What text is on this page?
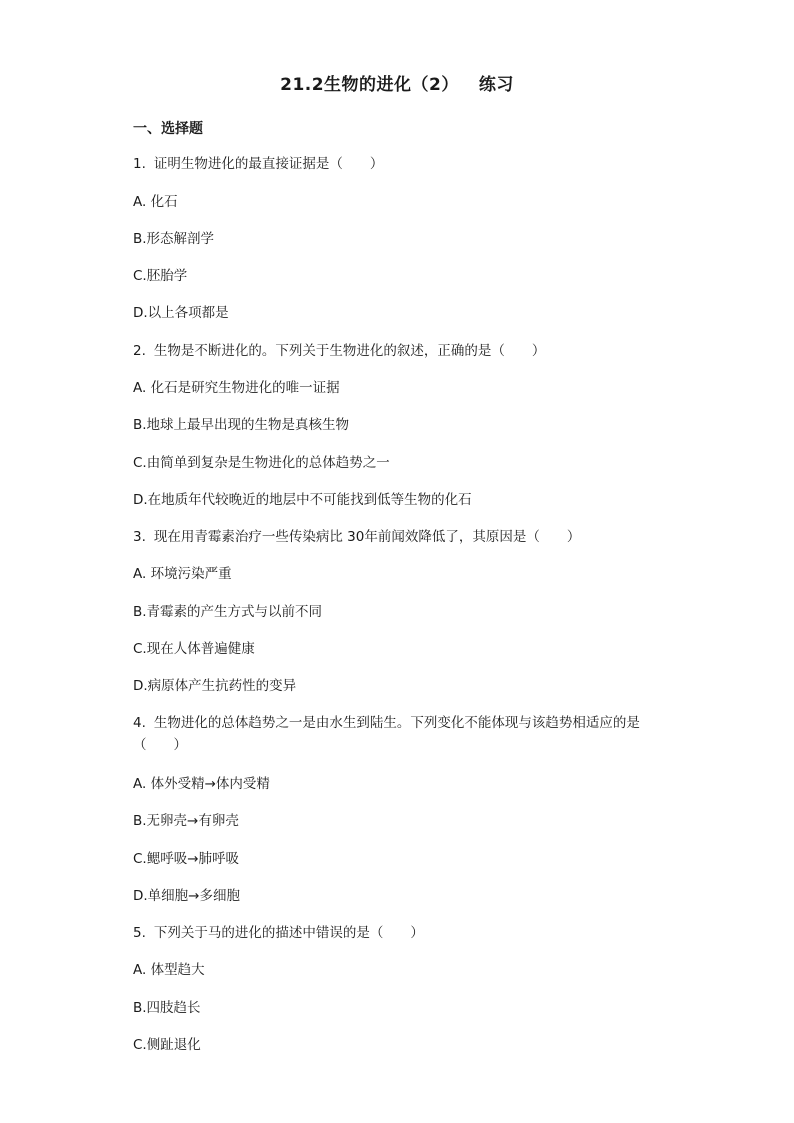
21.2生物的进化（2） 练习
一、选择题
1. 证明生物进化的最直接证据是（　　）
A. 化石
B.形态解剖学
C.胚胎学
D.以上各项都是
2. 生物是不断进化的。下列关于生物进化的叙述，正确的是（　　）
A. 化石是研究生物进化的唯一证据
B.地球上最早出现的生物是真核生物
C.由简单到复杂是生物进化的总体趋势之一
D.在地质年代较晚近的地层中不可能找到低等生物的化石
3. 现在用青霉素治疗一些传染病比 30年前闻效降低了，其原因是（　　）
A. 环境污染严重
B.青霉素的产生方式与以前不同
C.现在人体普遍健康
D.病原体产生抗药性的变异
4. 生物进化的总体趋势之一是由水生到陆生。下列变化不能体现与该趋势相适应的是（　　）
A. 体外受精→体内受精
B.无卵壳→有卵壳
C.鳃呼吸→肺呼吸
D.单细胞→多细胞
5. 下列关于马的进化的描述中错误的是（　　）
A. 体型趋大
B.四肢趋长
C.侧趾退化
